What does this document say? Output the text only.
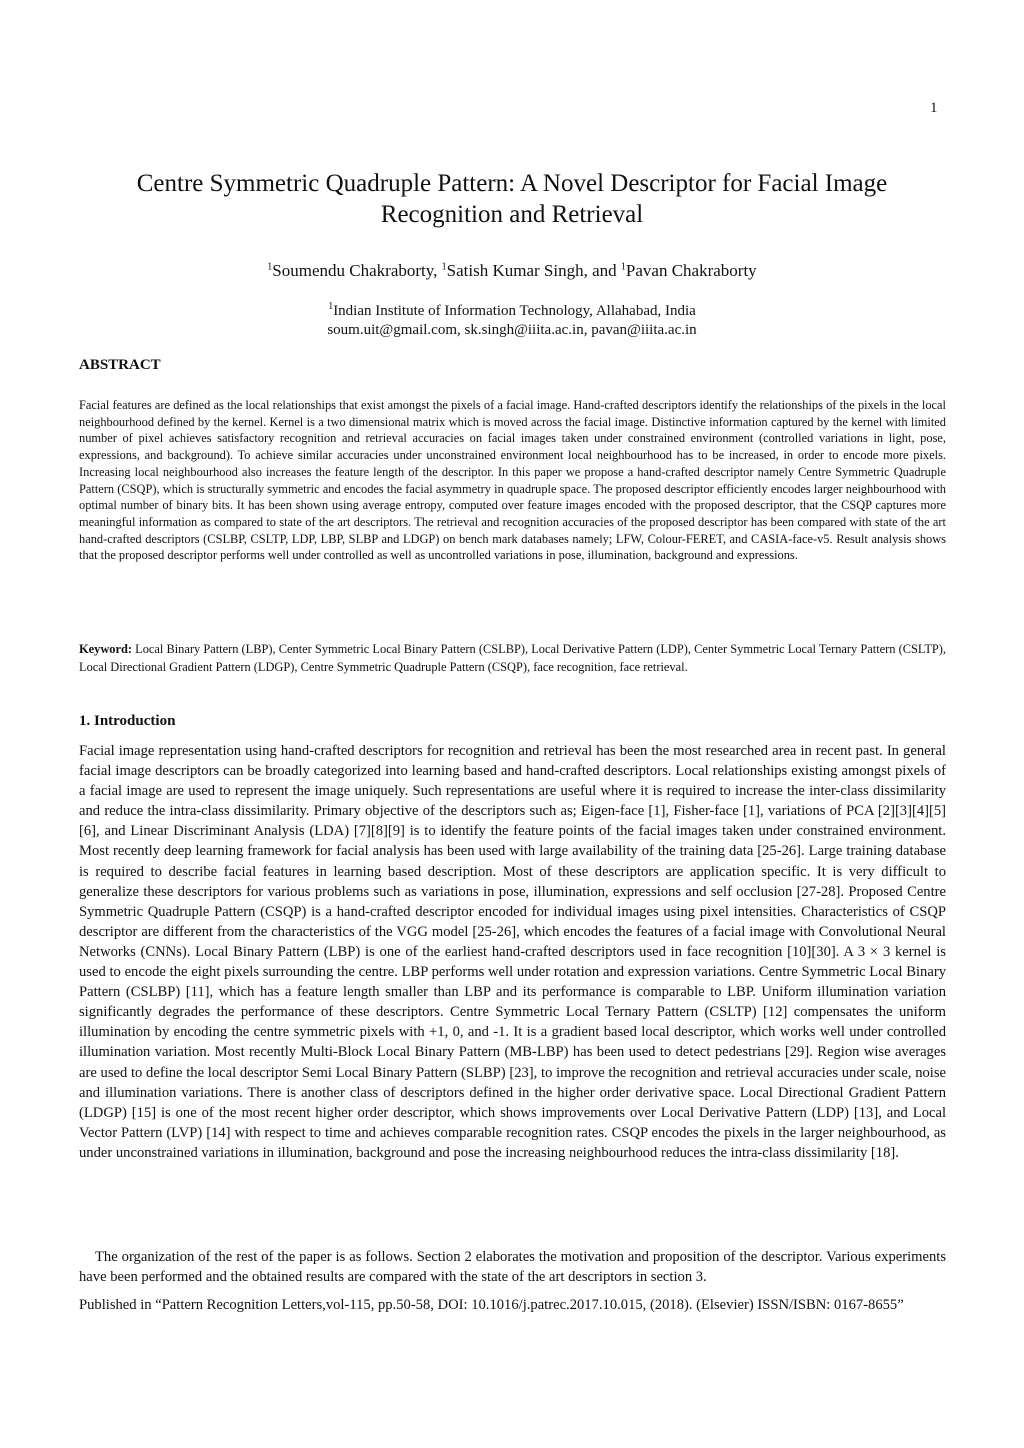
1
Centre Symmetric Quadruple Pattern: A Novel Descriptor for Facial Image Recognition and Retrieval
$^1$Soumendu Chakraborty, $^1$Satish Kumar Singh, and $^1$Pavan Chakraborty
$^1$Indian Institute of Information Technology, Allahabad, India
soum.uit@gmail.com, sk.singh@iiita.ac.in, pavan@iiita.ac.in
ABSTRACT
Facial features are defined as the local relationships that exist amongst the pixels of a facial image. Hand-crafted descriptors identify the relationships of the pixels in the local neighbourhood defined by the kernel. Kernel is a two dimensional matrix which is moved across the facial image. Distinctive information captured by the kernel with limited number of pixel achieves satisfactory recognition and retrieval accuracies on facial images taken under constrained environment (controlled variations in light, pose, expressions, and background). To achieve similar accuracies under unconstrained environment local neighbourhood has to be increased, in order to encode more pixels. Increasing local neighbourhood also increases the feature length of the descriptor. In this paper we propose a hand-crafted descriptor namely Centre Symmetric Quadruple Pattern (CSQP), which is structurally symmetric and encodes the facial asymmetry in quadruple space. The proposed descriptor efficiently encodes larger neighbourhood with optimal number of binary bits. It has been shown using average entropy, computed over feature images encoded with the proposed descriptor, that the CSQP captures more meaningful information as compared to state of the art descriptors. The retrieval and recognition accuracies of the proposed descriptor has been compared with state of the art hand-crafted descriptors (CSLBP, CSLTP, LDP, LBP, SLBP and LDGP) on bench mark databases namely; LFW, Colour-FERET, and CASIA-face-v5. Result analysis shows that the proposed descriptor performs well under controlled as well as uncontrolled variations in pose, illumination, background and expressions.
Keyword: Local Binary Pattern (LBP), Center Symmetric Local Binary Pattern (CSLBP), Local Derivative Pattern (LDP), Center Symmetric Local Ternary Pattern (CSLTP), Local Directional Gradient Pattern (LDGP), Centre Symmetric Quadruple Pattern (CSQP), face recognition, face retrieval.
1. Introduction

Facial image representation using hand-crafted descriptors for recognition and retrieval has been the most researched area in recent past. In general facial image descriptors can be broadly categorized into learning based and hand-crafted descriptors. Local relationships existing amongst pixels of a facial image are used to represent the image uniquely. Such representations are useful where it is required to increase the inter-class dissimilarity and reduce the intra-class dissimilarity. Primary objective of the descriptors such as; Eigen-face [1], Fisher-face [1], variations of PCA [2][3][4][5][6], and Linear Discriminant Analysis (LDA) [7][8][9] is to identify the feature points of the facial images taken under constrained environment. Most recently deep learning framework for facial analysis has been used with large availability of the training data [25-26]. Large training database is required to describe facial features in learning based description. Most of these descriptors are application specific. It is very difficult to generalize these descriptors for various problems such as variations in pose, illumination, expressions and self occlusion [27-28]. Proposed Centre Symmetric Quadruple Pattern (CSQP) is a hand-crafted descriptor encoded for individual images using pixel intensities. Characteristics of CSQP descriptor are different from the characteristics of the VGG model [25-26], which encodes the features of a facial image with Convolutional Neural Networks (CNNs). Local Binary Pattern (LBP) is one of the earliest hand-crafted descriptors used in face recognition [10][30]. A 3 × 3 kernel is used to encode the eight pixels surrounding the centre. LBP performs well under rotation and expression variations. Centre Symmetric Local Binary Pattern (CSLBP) [11], which has a feature length smaller than LBP and its performance is comparable to LBP. Uniform illumination variation significantly degrades the performance of these descriptors. Centre Symmetric Local Ternary Pattern (CSLTP) [12] compensates the uniform illumination by encoding the centre symmetric pixels with +1, 0, and -1. It is a gradient based local descriptor, which works well under controlled illumination variation. Most recently Multi-Block Local Binary Pattern (MB-LBP) has been used to detect pedestrians [29]. Region wise averages are used to define the local descriptor Semi Local Binary Pattern (SLBP) [23], to improve the recognition and retrieval accuracies under scale, noise and illumination variations. There is another class of descriptors defined in the higher order derivative space. Local Directional Gradient Pattern (LDGP) [15] is one of the most recent higher order descriptor, which shows improvements over Local Derivative Pattern (LDP) [13], and Local Vector Pattern (LVP) [14] with respect to time and achieves comparable recognition rates. CSQP encodes the pixels in the larger neighbourhood, as under unconstrained variations in illumination, background and pose the increasing neighbourhood reduces the intra-class dissimilarity [18].

The organization of the rest of the paper is as follows. Section 2 elaborates the motivation and proposition of the descriptor. Various experiments have been performed and the obtained results are compared with the state of the art descriptors in section 3.

Published in “Pattern Recognition Letters,vol-115, pp.50-58, DOI: 10.1016/j.patrec.2017.10.015, (2018). (Elsevier) ISSN/ISBN: 0167-8655”
